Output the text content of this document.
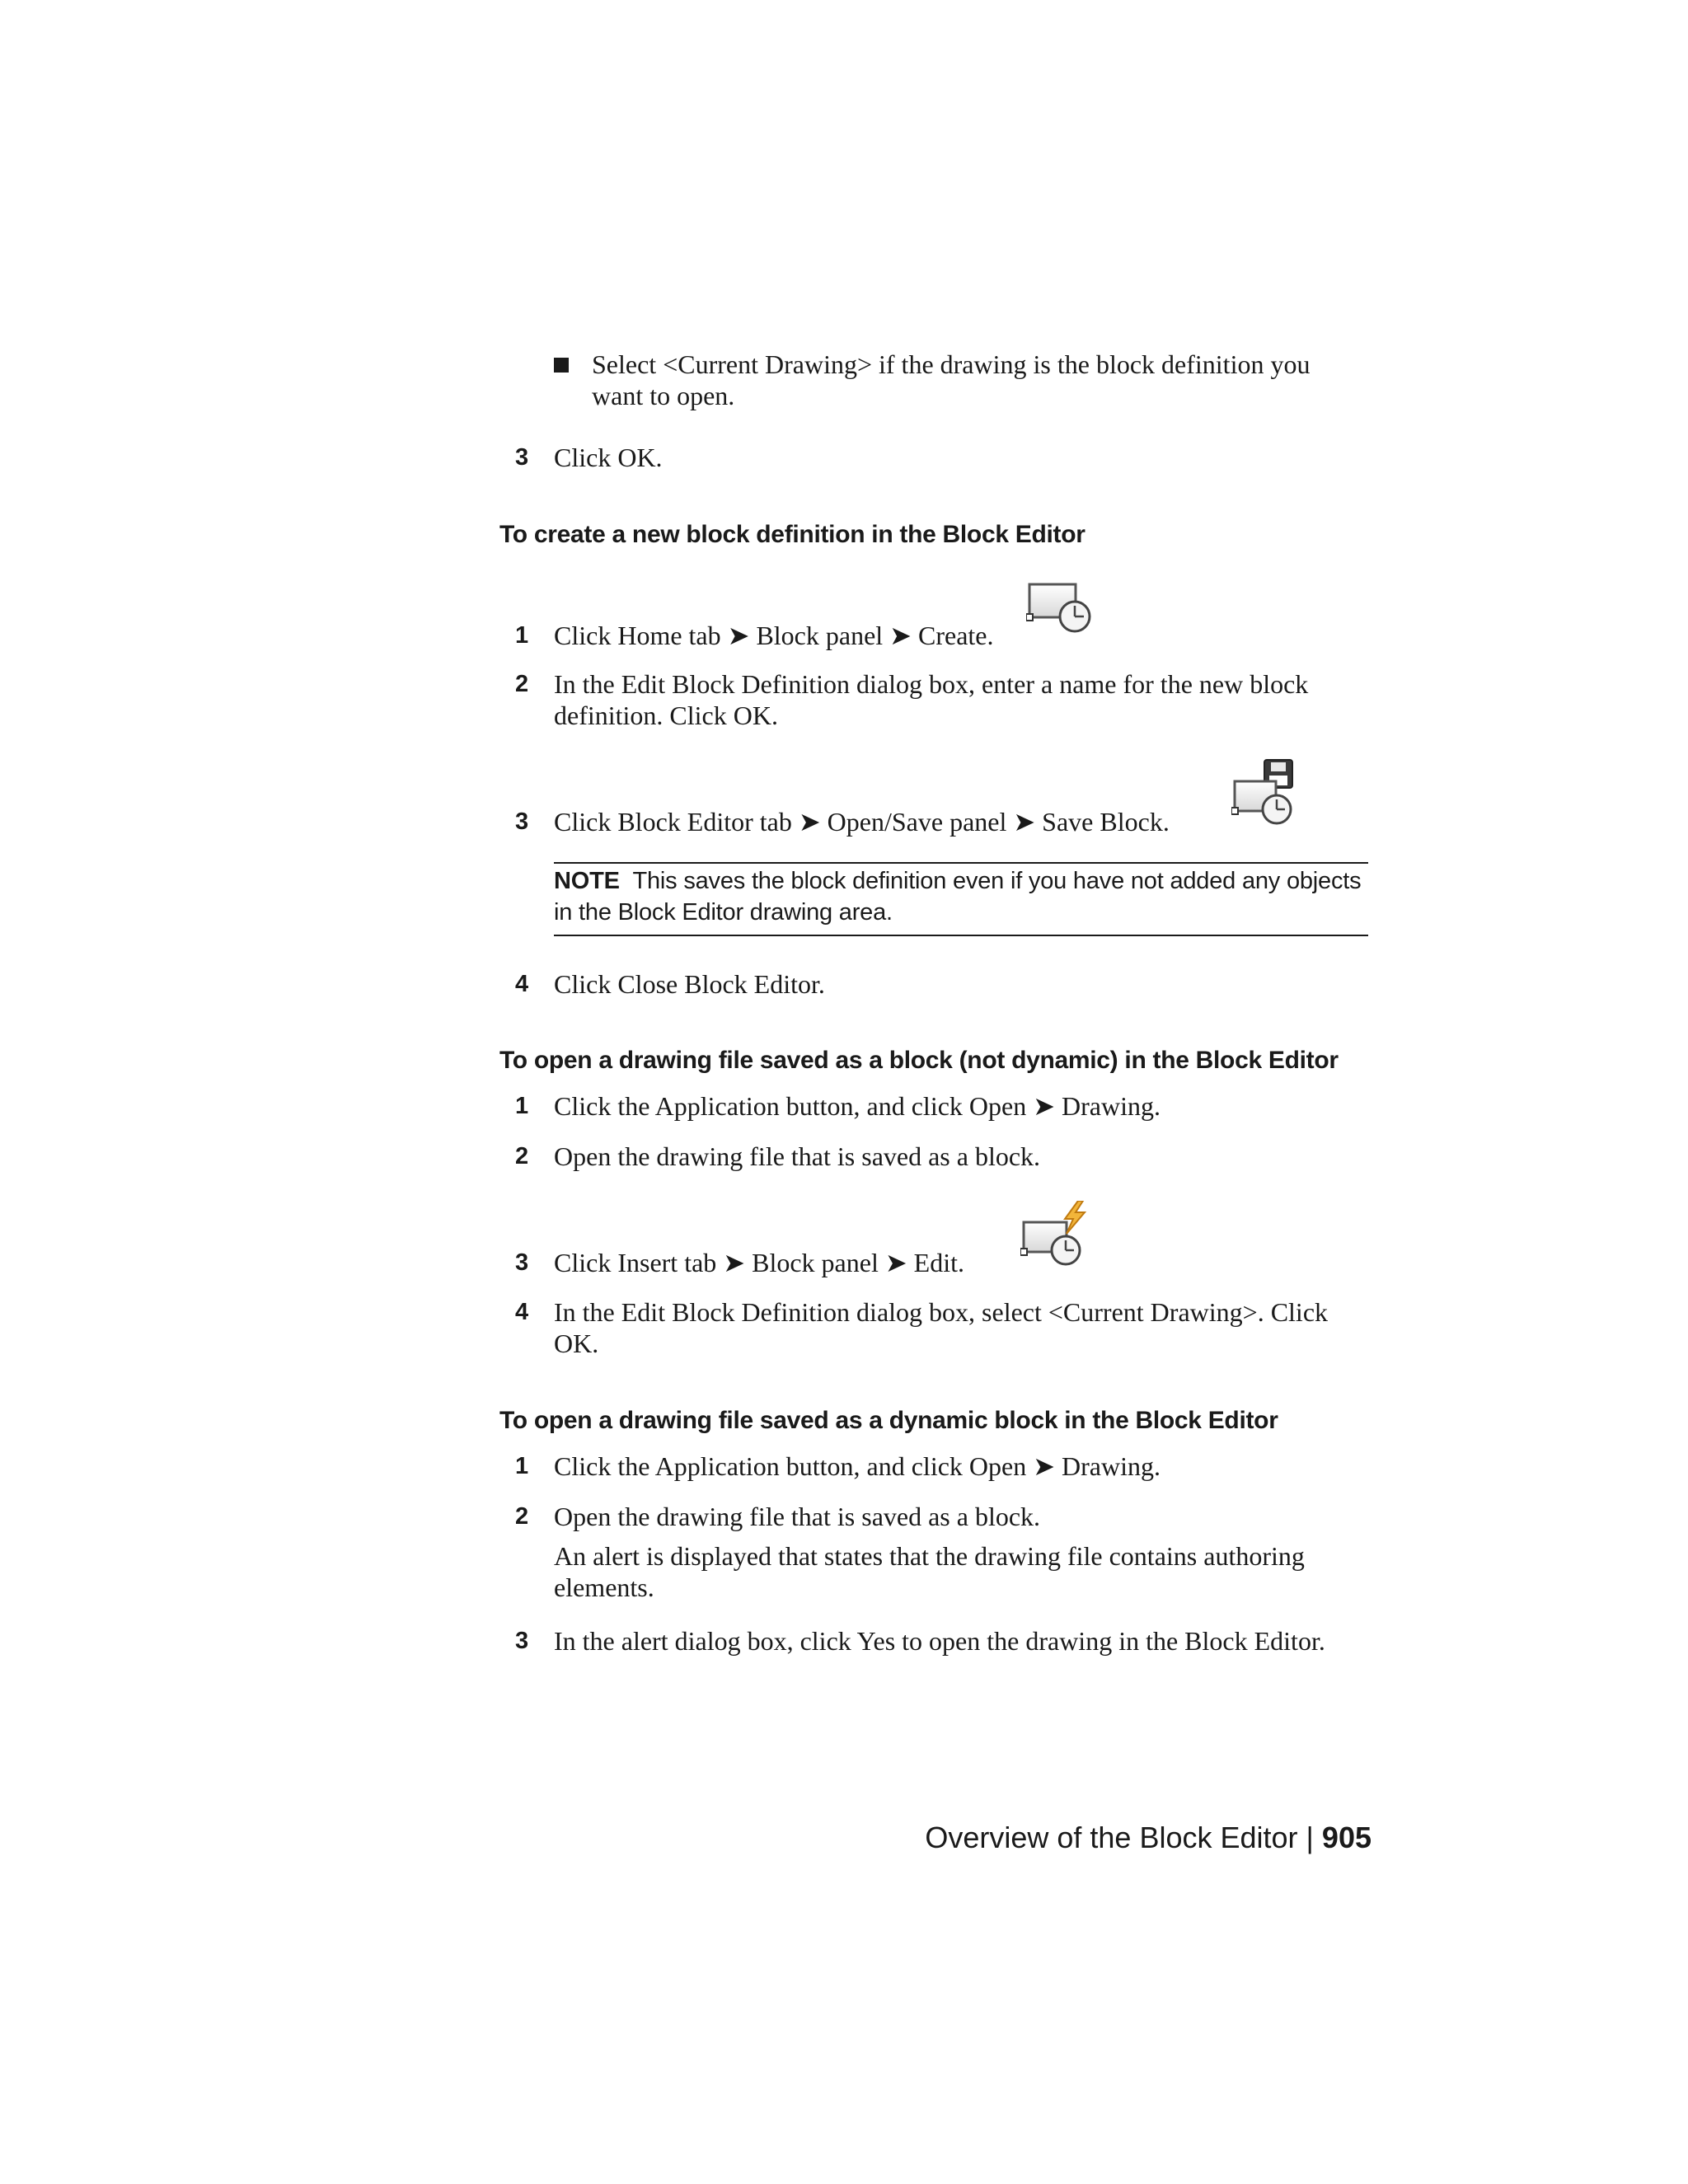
Select <Current Drawing> if the drawing is the block definition you
want to open.
3 Click OK.
To create a new block definition in the Block Editor
1 Click Home tab ➤ Block panel ➤ Create.
2 In the Edit Block Definition dialog box, enter a name for the new block
definition. Click OK.
3 Click Block Editor tab ➤ Open/Save panel ➤ Save Block.
NOTE This saves the block definition even if you have not added any objects
in the Block Editor drawing area.
4 Click Close Block Editor.
To open a drawing file saved as a block (not dynamic) in the Block Editor
1 Click the Application button, and click Open ➤ Drawing.
2 Open the drawing file that is saved as a block.
3 Click Insert tab ➤ Block panel ➤ Edit.
4 In the Edit Block Definition dialog box, select <Current Drawing>. Click
OK.
To open a drawing file saved as a dynamic block in the Block Editor
1 Click the Application button, and click Open ➤ Drawing.
2 Open the drawing file that is saved as a block.
An alert is displayed that states that the drawing file contains authoring
elements.
3 In the alert dialog box, click Yes to open the drawing in the Block Editor.
Overview of the Block Editor | 905
